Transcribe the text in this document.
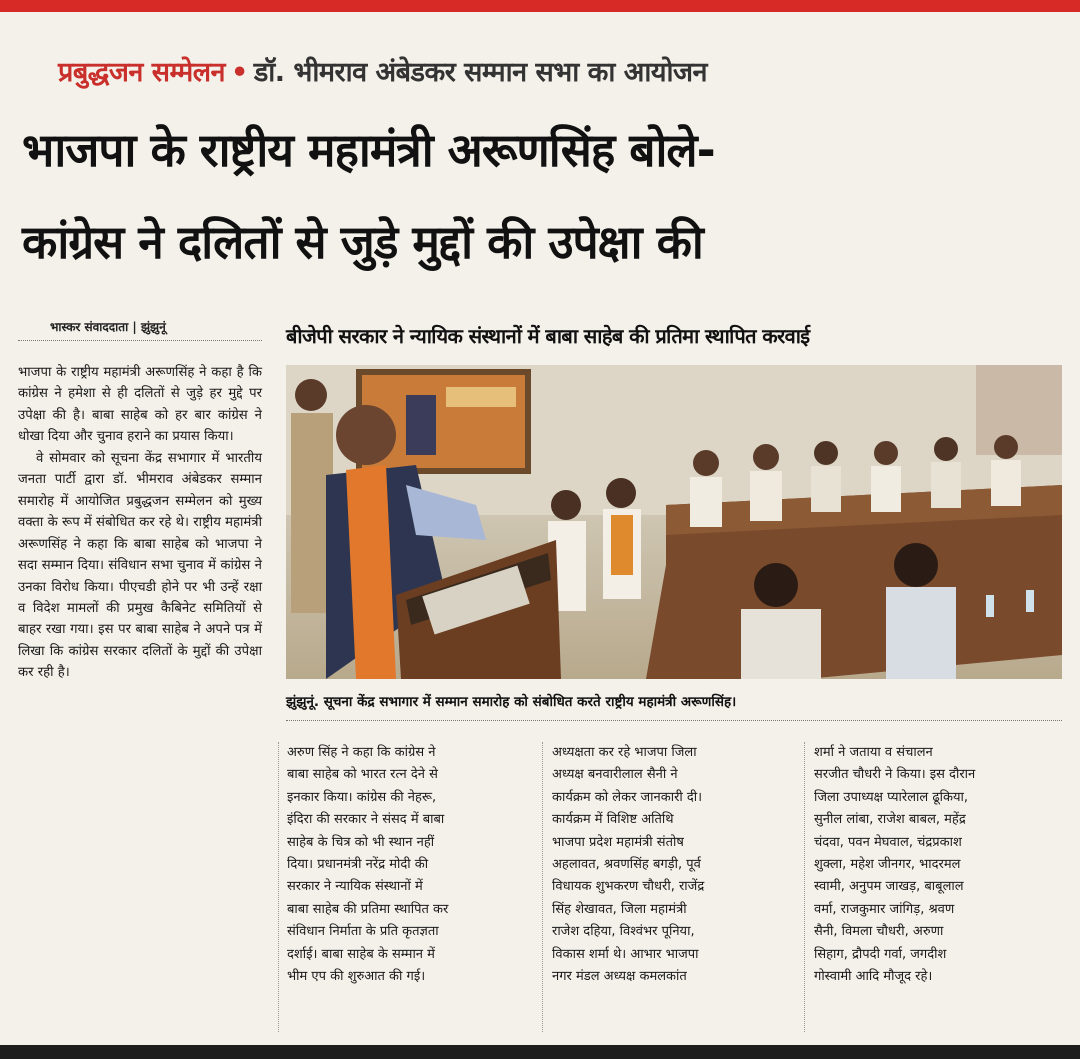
प्रबुद्धजन सम्मेलन • डॉ. भीमराव अंबेडकर सम्मान सभा का आयोजन
भाजपा के राष्ट्रीय महामंत्री अरूणसिंह बोले-
कांग्रेस ने दलितों से जुड़े मुद्दों की उपेक्षा की
भास्कर संवाददाता | झुंझुनूं	बीजेपी सरकार ने न्यायिक संस्थानों में बाबा साहेब की प्रतिमा स्थापित करवाई

भाजपा के राष्ट्रीय महामंत्री अरूणसिंह ने कहा है कि कांग्रेस ने हमेशा से ही दलितों से जुड़े हर मुद्दे पर उपेक्षा की है। बाबा साहेब को हर बार कांग्रेस ने धोखा दिया और चुनाव हराने का प्रयास किया।

वे सोमवार को सूचना केंद्र सभागार में भारतीय जनता पार्टी द्वारा डॉ. भीमराव अंबेडकर सम्मान समारोह में आयोजित प्रबुद्धजन सम्मेलन को मुख्य वक्ता के रूप में संबोधित कर रहे थे। राष्ट्रीय महामंत्री अरूणसिंह ने कहा कि बाबा साहेब को भाजपा ने सदा सम्मान दिया। संविधान सभा चुनाव में कांग्रेस ने उनका विरोध किया। पीएचडी होने पर भी उन्हें रक्षा व विदेश मामलों की प्रमुख कैबिनेट समितियों से बाहर रखा गया। इस पर बाबा साहेब ने अपने पत्र में लिखा कि कांग्रेस सरकार दलितों के मुद्दों की उपेक्षा कर रही है।

झुंझुनूं. सूचना केंद्र सभागार में सम्मान समारोह को संबोधित करते राष्ट्रीय महामंत्री अरूणसिंह।
अरुण सिंह ने कहा कि कांग्रेस ने
बाबा साहेब को भारत रत्न देने से
इनकार किया। कांग्रेस की नेहरू,
इंदिरा की सरकार ने संसद में बाबा
साहेब के चित्र को भी स्थान नहीं
दिया। प्रधानमंत्री नरेंद्र मोदी की
सरकार ने न्यायिक संस्थानों में
बाबा साहेब की प्रतिमा स्थापित कर
संविधान निर्माता के प्रति कृतज्ञता
दर्शाई। बाबा साहेब के सम्मान में
भीम एप की शुरुआत की गई।
अध्यक्षता कर रहे भाजपा जिला
अध्यक्ष बनवारीलाल सैनी ने
कार्यक्रम को लेकर जानकारी दी।
कार्यक्रम में विशिष्ट अतिथि
भाजपा प्रदेश महामंत्री संतोष
अहलावत, श्रवणसिंह बगड़ी, पूर्व
विधायक शुभकरण चौधरी, राजेंद्र
सिंह शेखावत, जिला महामंत्री
राजेश दहिया, विश्वंभर पूनिया,
विकास शर्मा थे। आभार भाजपा
नगर मंडल अध्यक्ष कमलकांत
शर्मा ने जताया व संचालन
सरजीत चौधरी ने किया। इस दौरान
जिला उपाध्यक्ष प्यारेलाल ढूकिया,
सुनील लांबा, राजेश बाबल, महेंद्र
चंदवा, पवन मेघवाल, चंद्रप्रकाश
शुक्ला, महेश जीनगर, भादरमल
स्वामी, अनुपम जाखड़, बाबूलाल
वर्मा, राजकुमार जांगिड़, श्रवण
सैनी, विमला चौधरी, अरुणा
सिहाग, द्रौपदी गर्वा, जगदीश
गोस्वामी आदि मौजूद रहे।
